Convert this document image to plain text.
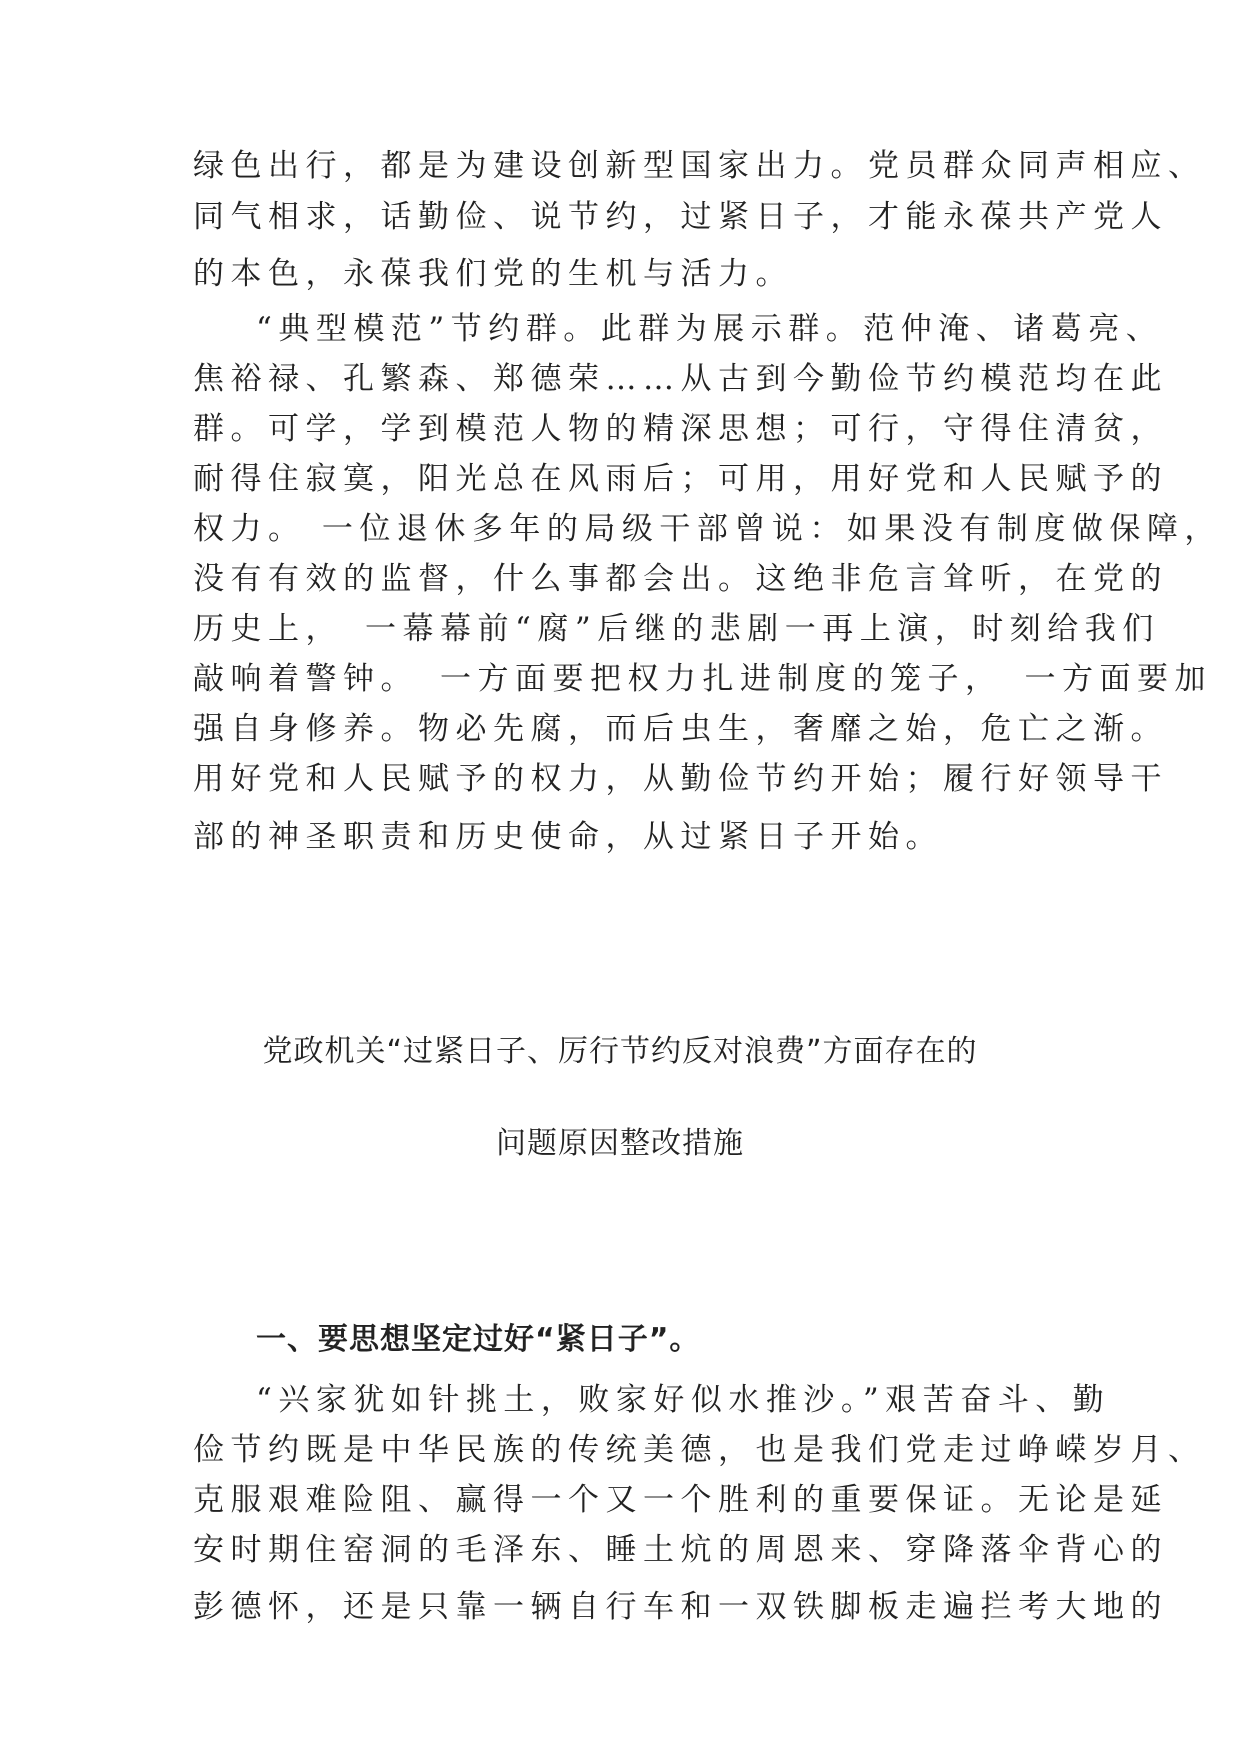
绿色出行，都是为建设创新型国家出力。党员群众同声相应、
同气相求，话勤俭、说节约，过紧日子，才能永葆共产党人
的本色，永葆我们党的生机与活力。
“典型模范”节约群。此群为展示群。范仲淹、诸葛亮、
焦裕禄、孔繁森、郑德荣……从古到今勤俭节约模范均在此
群。可学，学到模范人物的精深思想；可行，守得住清贫，
耐得住寂寞，阳光总在风雨后；可用，用好党和人民赋予的
权力。 一位退休多年的局级干部曾说：如果没有制度做保障，
没有有效的监督，什么事都会出。这绝非危言耸听，在党的
历史上，　一幕幕前“腐”后继的悲剧一再上演，时刻给我们
敲响着警钟。　一方面要把权力扎进制度的笼子，　一方面要加
强自身修养。物必先腐，而后虫生，奢靡之始，危亡之渐。
用好党和人民赋予的权力，从勤俭节约开始；履行好领导干
部的神圣职责和历史使命，从过紧日子开始。
党政机关“过紧日子、厉行节约反对浪费”方面存在的
问题原因整改措施
一、要思想坚定过好“紧日子”。
“兴家犹如针挑土，败家好似水推沙。”艰苦奋斗、勤
俭节约既是中华民族的传统美德，也是我们党走过峥嵘岁月、
克服艰难险阻、赢得一个又一个胜利的重要保证。无论是延
安时期住窑洞的毛泽东、睡土炕的周恩来、穿降落伞背心的
彭德怀，还是只靠一辆自行车和一双铁脚板走遍拦考大地的
